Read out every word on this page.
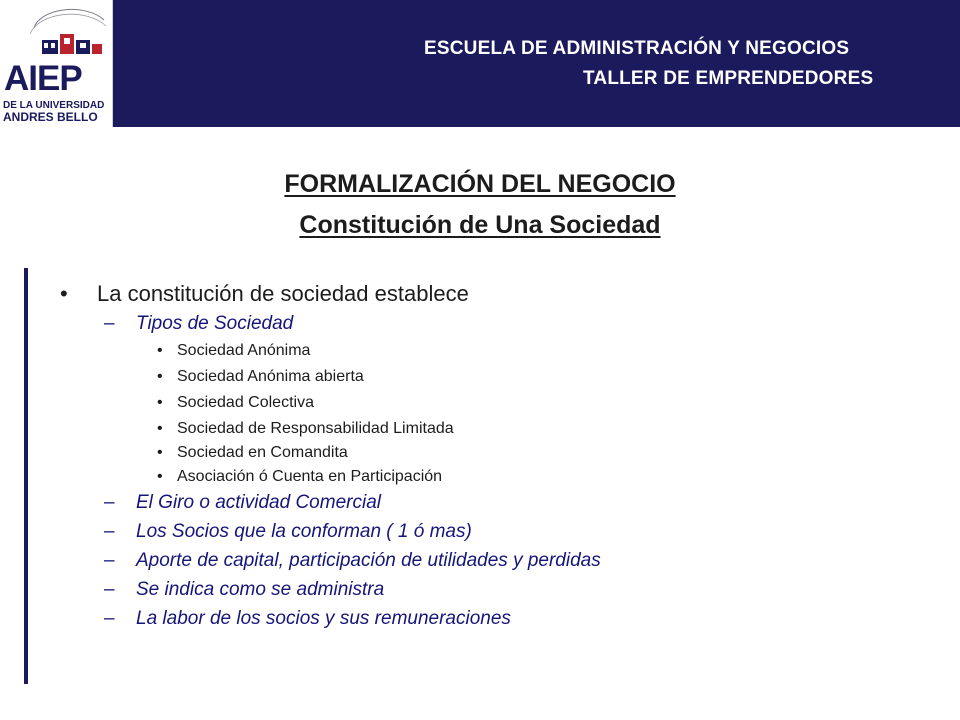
AIEP
DE LA UNIVERSIDAD
ANDRES BELLO
ESCUELA DE ADMINISTRACIÓN Y NEGOCIOS
TALLER DE EMPRENDEDORES
FORMALIZACIÓN DEL NEGOCIO
Constitución de Una Sociedad
• La constitución de sociedad establece
– Tipos de Sociedad
• Sociedad Anónima
• Sociedad Anónima abierta
• Sociedad Colectiva
• Sociedad de Responsabilidad Limitada
• Sociedad en Comandita
• Asociación ó Cuenta en Participación
– El Giro o actividad Comercial
– Los Socios que la conforman ( 1 ó mas)
– Aporte de capital, participación de utilidades y perdidas
– Se indica como se administra
– La labor de los socios y sus remuneraciones
